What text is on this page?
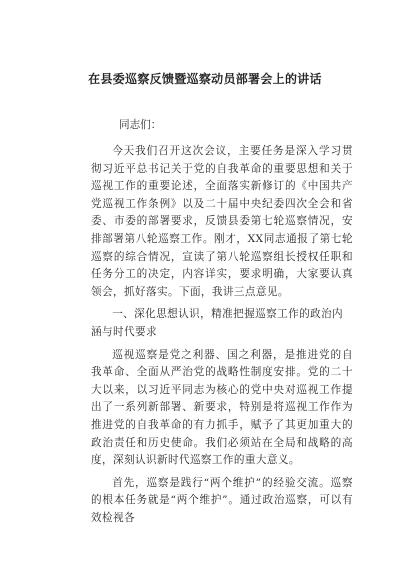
在县委巡察反馈暨巡察动员部署会上的讲话
同志们：

今天我们召开这次会议，主要任务是深入学习贯彻习近平总书记关于党的自我革命的重要思想和关于巡视工作的重要论述，全面落实新修订的《中国共产党巡视工作条例》以及二十届中央纪委四次全会和省委、市委的部署要求，反馈县委第七轮巡察情况，安排部署第八轮巡察工作。刚才，XX同志通报了第七轮巡察的综合情况，宣读了第八轮巡察组长授权任职和任务分工的决定，内容详实，要求明确，大家要认真领会，抓好落实。下面，我讲三点意见。

一、深化思想认识，精准把握巡察工作的政治内涵与时代要求

巡视巡察是党之利器、国之利器，是推进党的自我革命、全面从严治党的战略性制度安排。党的二十大以来，以习近平同志为核心的党中央对巡视工作提出了一系列新部署、新要求，特别是将巡视工作作为推进党的自我革命的有力抓手，赋予了其更加重大的政治责任和历史使命。我们必须站在全局和战略的高度，深刻认识新时代巡察工作的重大意义。

首先，巡察是践行“两个维护”的经验交流。巡察的根本任务就是“两个维护”。通过政治巡察，可以有效检视各
